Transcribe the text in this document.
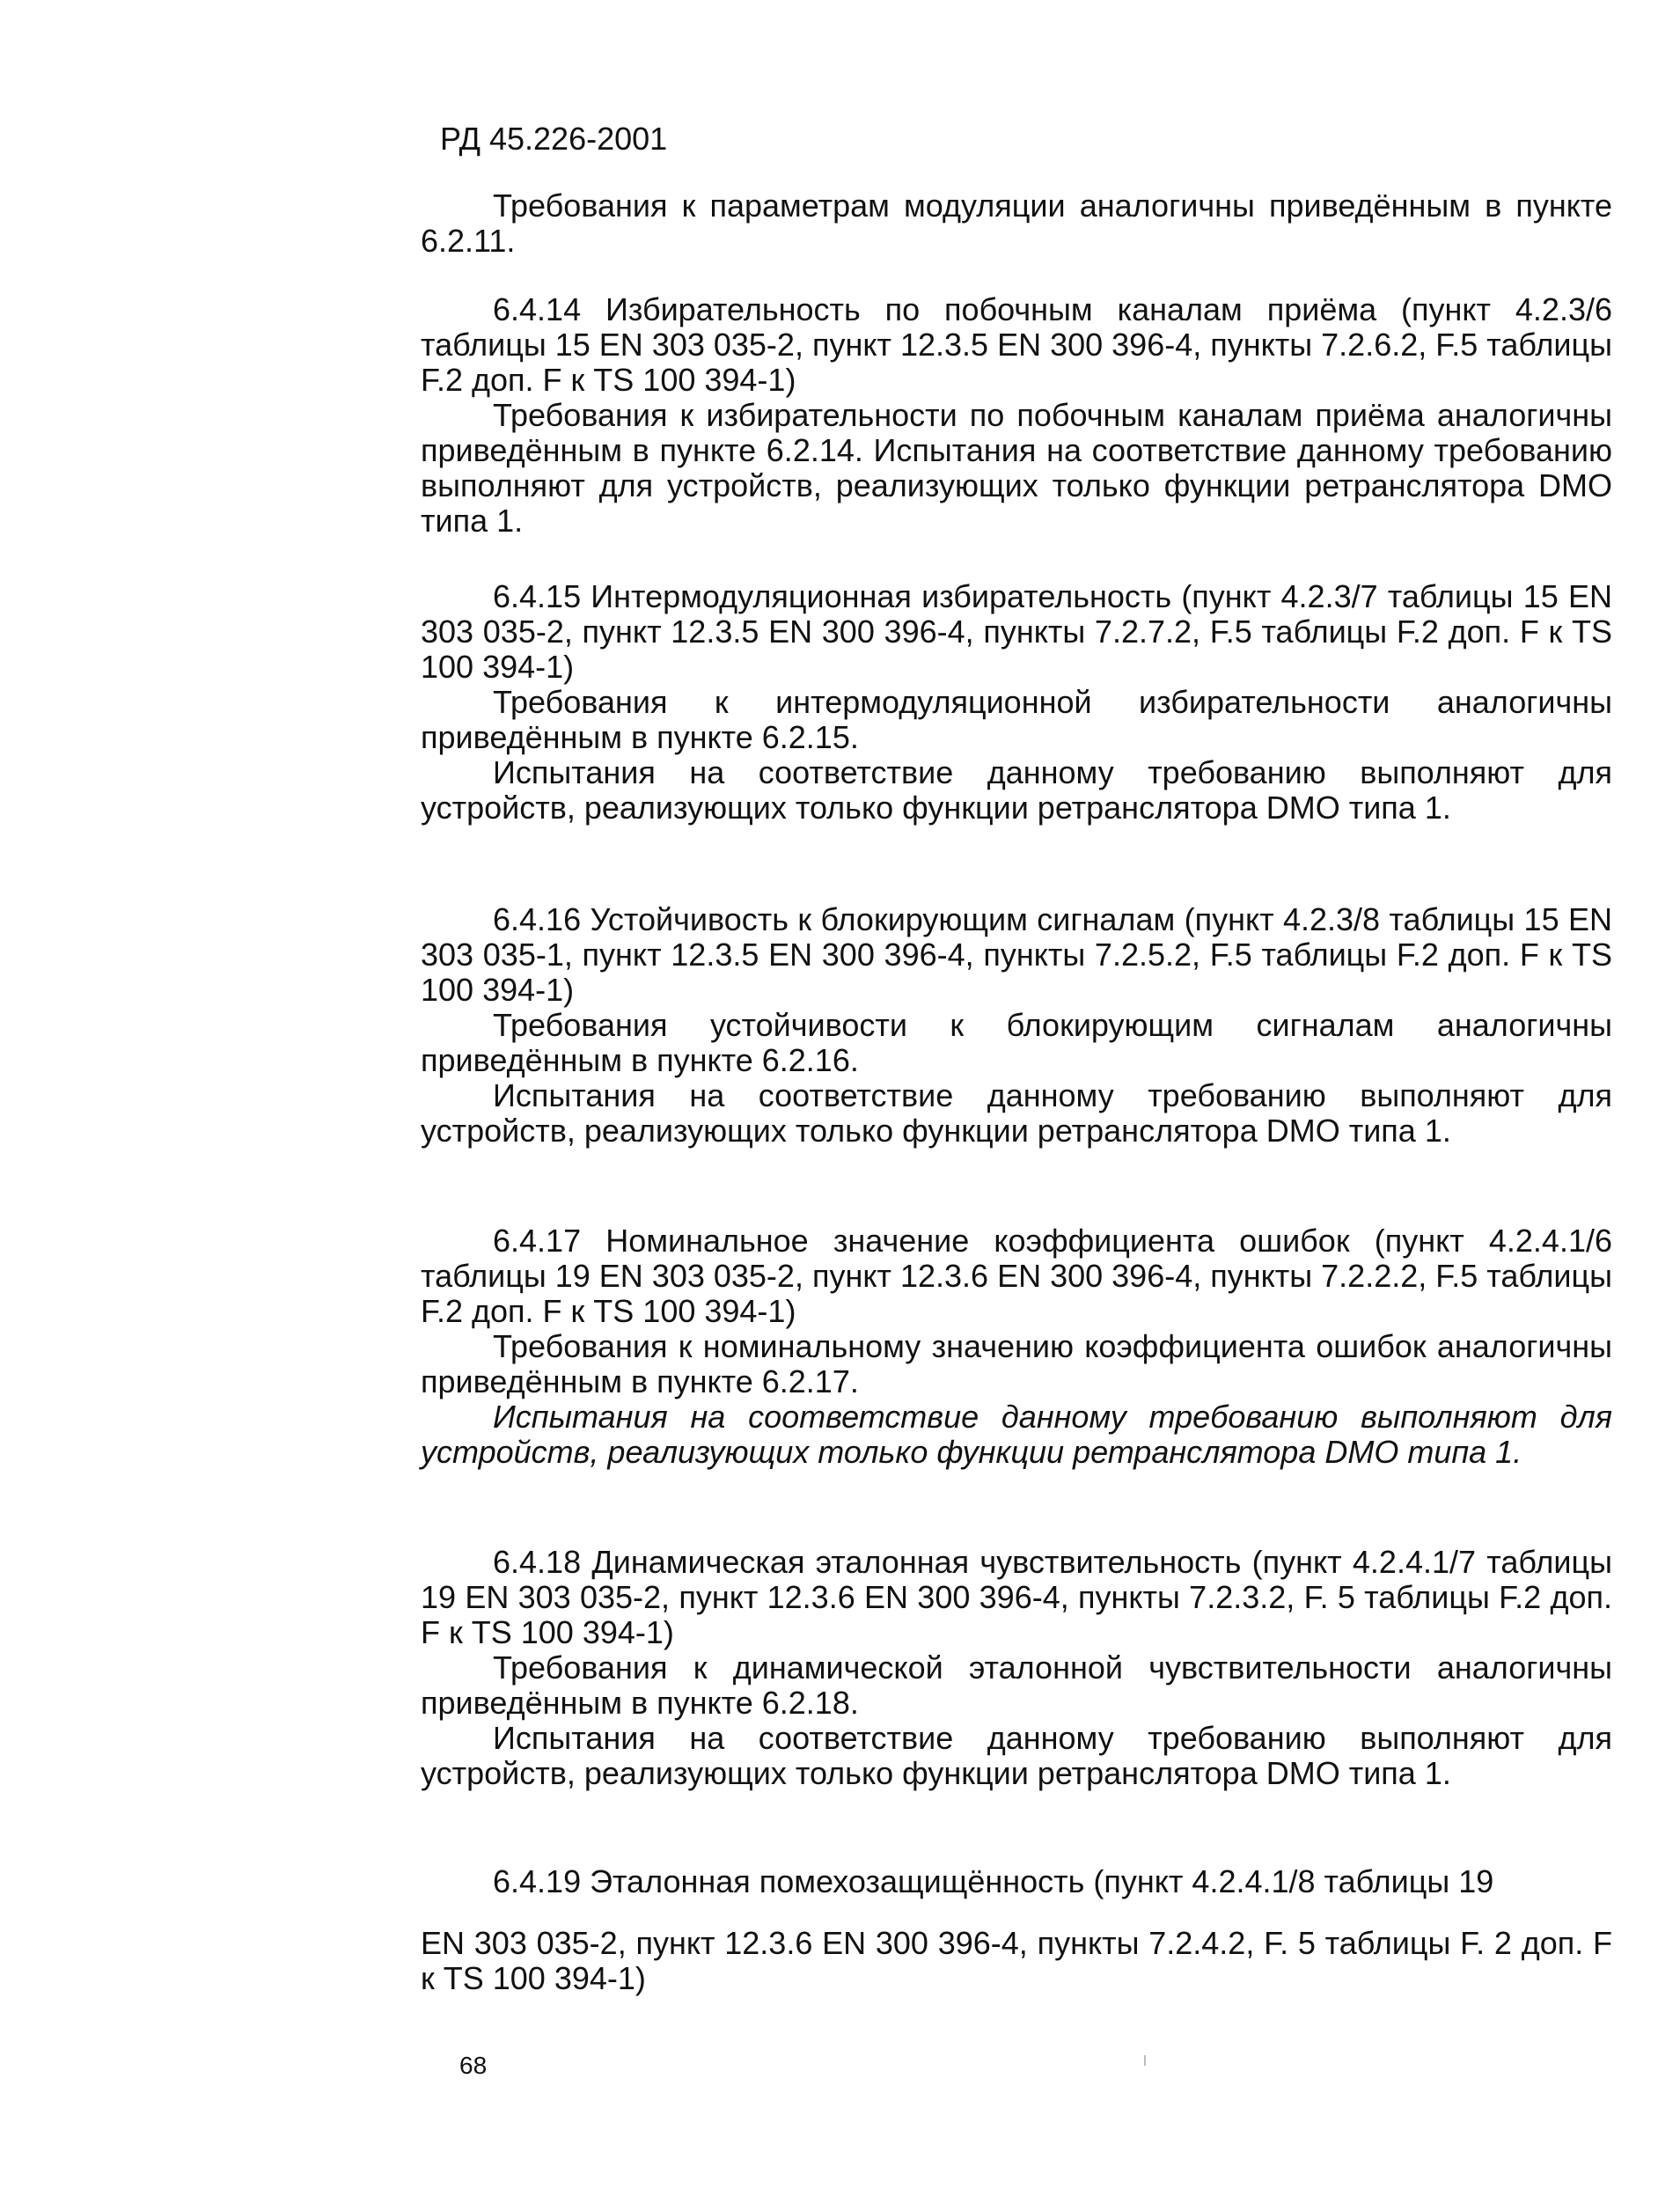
РД 45.226-2001

Требования к параметрам модуляции аналогичны приведённым в пункте 6.2.11.

6.4.14 Избирательность по побочным каналам приёма (пункт 4.2.3/6 таблицы 15 EN 303 035-2, пункт 12.3.5 EN 300 396-4, пункты 7.2.6.2, F.5 таблицы F.2 доп. F к TS 100 394-1)

Требования к избирательности по побочным каналам приёма аналогичны приведённым в пункте 6.2.14. Испытания на соответствие данному требованию выполняют для устройств, реализующих только функции ретранслятора DMO типа 1.

6.4.15 Интермодуляционная избирательность (пункт 4.2.3/7 таблицы 15 EN 303 035-2, пункт 12.3.5 EN 300 396-4, пункты 7.2.7.2, F.5 таблицы F.2 доп. F к TS 100 394-1)

Требования к интермодуляционной избирательности аналогичны приведённым в пункте 6.2.15.

Испытания на соответствие данному требованию выполняют для устройств, реализующих только функции ретранслятора DMO типа 1.

6.4.16 Устойчивость к блокирующим сигналам (пункт 4.2.3/8 таблицы 15 EN 303 035-1, пункт 12.3.5 EN 300 396-4, пункты 7.2.5.2, F.5 таблицы F.2 доп. F к TS 100 394-1)

Требования устойчивости к блокирующим сигналам аналогичны приведённым в пункте 6.2.16.

Испытания на соответствие данному требованию выполняют для устройств, реализующих только функции ретранслятора DMO типа 1.

6.4.17 Номинальное значение коэффициента ошибок (пункт 4.2.4.1/6 таблицы 19 EN 303 035-2, пункт 12.3.6 EN 300 396-4, пункты 7.2.2.2, F.5 таблицы F.2 доп. F к TS 100 394-1)

Требования к номинальному значению коэффициента ошибок аналогичны приведённым в пункте 6.2.17.

Испытания на соответствие данному требованию выполняют для устройств, реализующих только функции ретранслятора DMO типа 1.

6.4.18 Динамическая эталонная чувствительность (пункт 4.2.4.1/7 таблицы 19 EN 303 035-2, пункт 12.3.6 EN 300 396-4, пункты 7.2.3.2, F. 5 таблицы F.2 доп. F к TS 100 394-1)

Требования к динамической эталонной чувствительности аналогичны приведённым в пункте 6.2.18.

Испытания на соответствие данному требованию выполняют для устройств, реализующих только функции ретранслятора DMO типа 1.

6.4.19 Эталонная помехозащищённость (пункт 4.2.4.1/8 таблицы 19

EN 303 035-2, пункт 12.3.6 EN 300 396-4, пункты 7.2.4.2, F. 5 таблицы F. 2 доп. F к TS 100 394-1)

68
